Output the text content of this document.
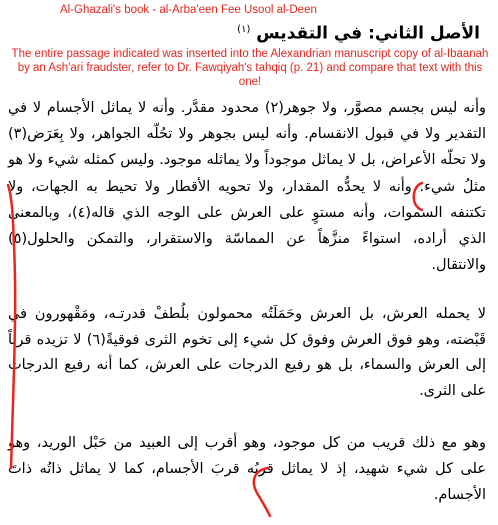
Al-Ghazali's book - al-Arba'een Fee Usool al-Deen
الأصل الثاني: في التقديس $^{(١)}$
The entire passage indicated was inserted into the Alexandrian manuscript copy of al-Ibaanah by an Ash'ari fraudster, refer to Dr. Fawqiyah's tahqiq (p. 21) and compare that text with this one!
وأنه ليس بجسم مصوَّر، ولا جوهر(٢) محدود مقدَّر. وأنه لا يماثل الأجسام لا في التقدير ولا في قبول الانقسام. وأنه ليس بجوهر ولا تحُلّه الجواهر، ولا بِعَرَض(٣) ولا تحلّه الأعراض، بل لا يماثل موجوداً ولا يماثله موجود. وليس كمثله شيء ولا هو مثلُ شيء. وأنه لا يحدُّه المقدار، ولا تحويه الأقطار ولا تحيط به الجهات، ولا تكتنفه السموات، وأنه مستوٍ على العرش على الوجه الذي قاله(٤)، وبالمعنى الذي أراده، استواءً منزَّهاً عن المماسّة والاستقرار، والتمكن والحلول(٥) والانتقال.
لا يحمله العرش، بل العرش وحَمَلَتُه محمولون بلُطفْ قدرتـه، ومَقْهورون في قَبْضته، وهو فوق العرش وفوق كل شيء إلى تخوم الثرى فوقيةً(٦) لا تزيده قرباً إلى العرش والسماء، بل هو رفيع الدرجات على العرش، كما أنه رفيع الدرجات على الثرى.
وهو مع ذلك قريب من كل موجود، وهو أقرب إلى العبيد من حَبْل الوريد، وهو على كل شيء شهيد، إذ لا يماثل قربُه قربَ الأجسام، كما لا يماثل ذاتُه ذاتَ الأجسام.
